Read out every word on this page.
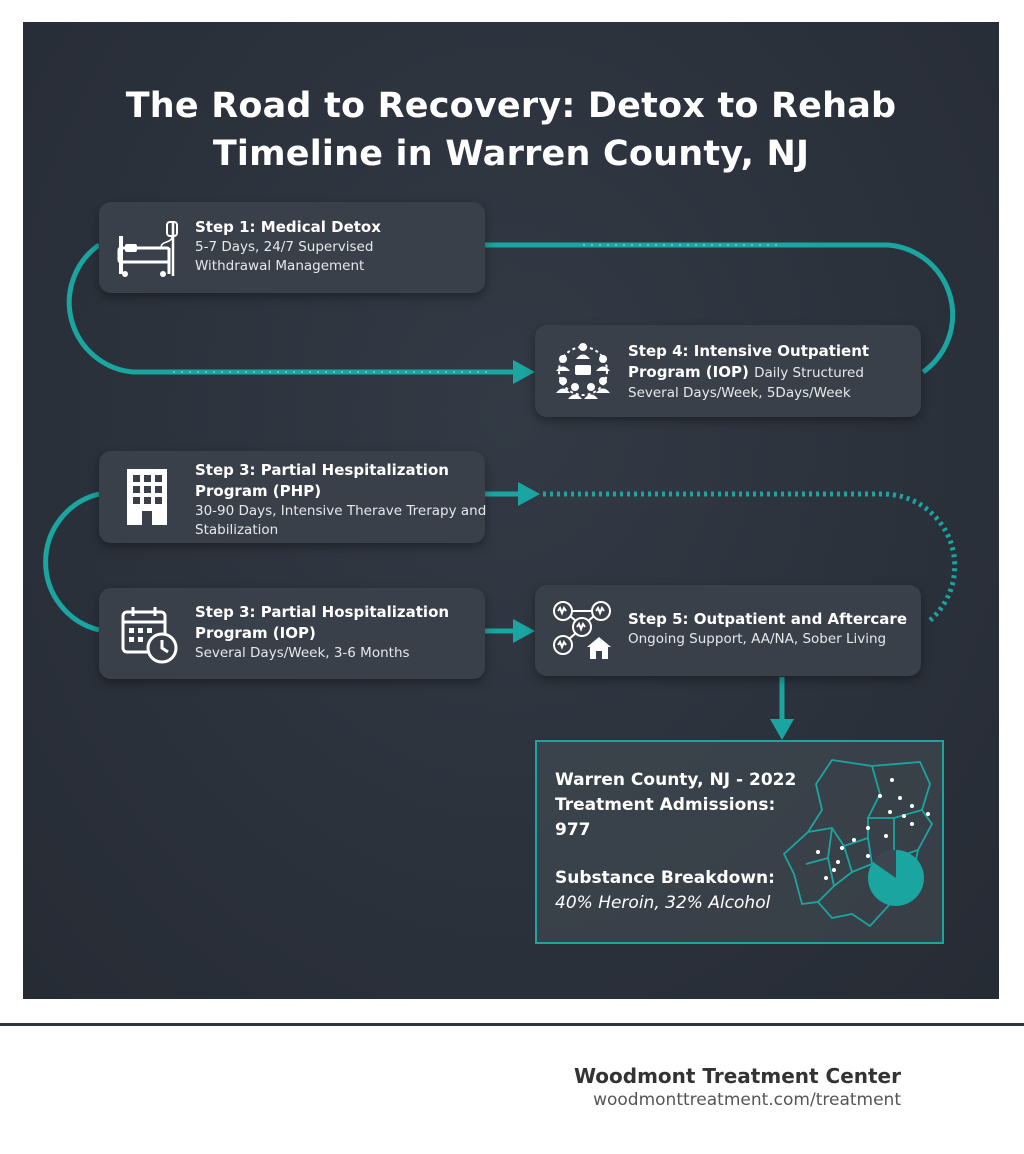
The Road to Recovery: Detox to Rehab
Timeline in Warren County, NJ
Step 1: Medical Detox
5-7 Days, 24/7 Supervised
Withdrawal Management
Step 4: Intensive Outpatient
Program (IOP) Daily Structured
Several Days/Week, 5Days/Week
Step 3: Partial Hespitalization
Program (PHP)
30-90 Days, Intensive Therave Trerapy and
Stabilization
Step 3: Partial Hospitalization
Program (IOP)
Several Days/Week, 3-6 Months
Step 5: Outpatient and Aftercare
Ongoing Support, AA/NA, Sober Living
Warren County, NJ - 2022
Treatment Admissions:
977
Substance Breakdown:
40% Heroin, 32% Alcohol
Woodmont Treatment Center
woodmonttreatment.com/treatment
